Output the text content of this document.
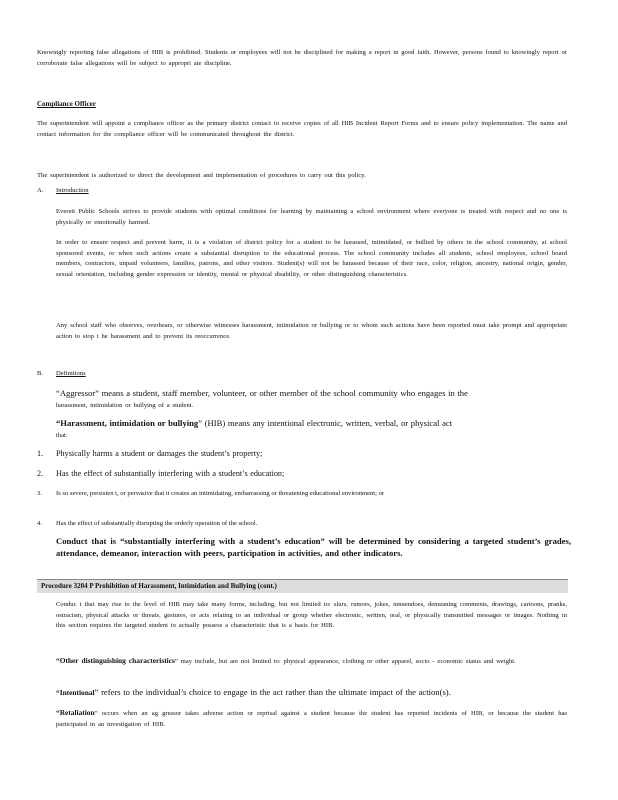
Knowingly reporting false allegations of HIB is prohibited. Students or employees will not be disciplined for making a report in good faith. However, persons found to knowingly report or corroborate false allegations will be subject to appropri ate discipline.
Compliance Officer
The superintendent will appoint a compliance officer as the primary district contact to receive copies of all HIB Incident Report Forms and to ensure policy implementation. The name and contact information for the compliance officer will be communicated throughout the district.
The superintendent is authorized to direct the development and implementation of procedures to carry out this policy.
A. Introduction
Everett Public Schools strives to provide students with optimal conditions for learning by maintaining a school environment where everyone is treated with respect and no one is physically or emotionally harmed.
In order to ensure respect and prevent harm, it is a violation of district policy for a student to be harassed, intimidated, or bullied by others in the school community, at school sponsored events, or when such actions create a substantial disruption to the educational process. The school community includes all students, school employees, school board members, contractors, unpaid volunteers, families, patrons, and other visitors. Student(s) will not be harassed because of their race, color, religion, ancestry, national origin, gender, sexual orientation, including gender expression or identity, mental or physical disability, or other distinguishing characteristics.
Any school staff who observes, overhears, or otherwise witnesses harassment, intimidation or bullying or to whom such actions have been reported must take prompt and appropriate action to stop t he harassment and to prevent its reoccurrence.
B. Definitions
“Aggressor” means a student, staff member, volunteer, or other member of the school community who engages in the
harassment, intimidation or bullying of a student.
“Harassment, intimidation or bullying” (HIB) means any intentional electronic, written, verbal, or physical act
that:
1. Physically harms a student or damages the student’s property;
2. Has the effect of substantially interfering with a student’s education;
3. Is so severe, persisten t, or pervasive that it creates an intimidating, embarrassing or threatening educational environment; or
4. Has the effect of substantially disrupting the orderly operation of the school.
Conduct that is “substantially interfering with a student’s education” will be determined by considering a targeted student’s grades, attendance, demeanor, interaction with peers, participation in activities, and other indicators.
Procedure 3204 P Prohibition of Harassment, Intimidation and Bullying (cont.)
Conduc t that may rise to the level of HIB may take many forms, including, but not limited to: slurs, rumors, jokes, innuendoes, demeaning comments, drawings, cartoons, pranks, ostracism, physical attacks or threats, gestures, or acts relating to an individual or group whether electronic, written, oral, or physically transmitted messages or images. Nothing in this section requires the targeted student to actually possess a characteristic that is a basis for HIB.
“Other distinguishing characteristics” may include, but are not limited to: physical appearance, clothing or other apparel, socio - economic status and weight.
“Intentional” refers to the individual’s choice to engage in the act rather than the ultimate impact of the action(s).
“Retaliation” occurs when an ag gressor takes adverse action or reprisal against a student because the student has reported incidents of HIB, or because the student has participated in an investigation of HIB.
